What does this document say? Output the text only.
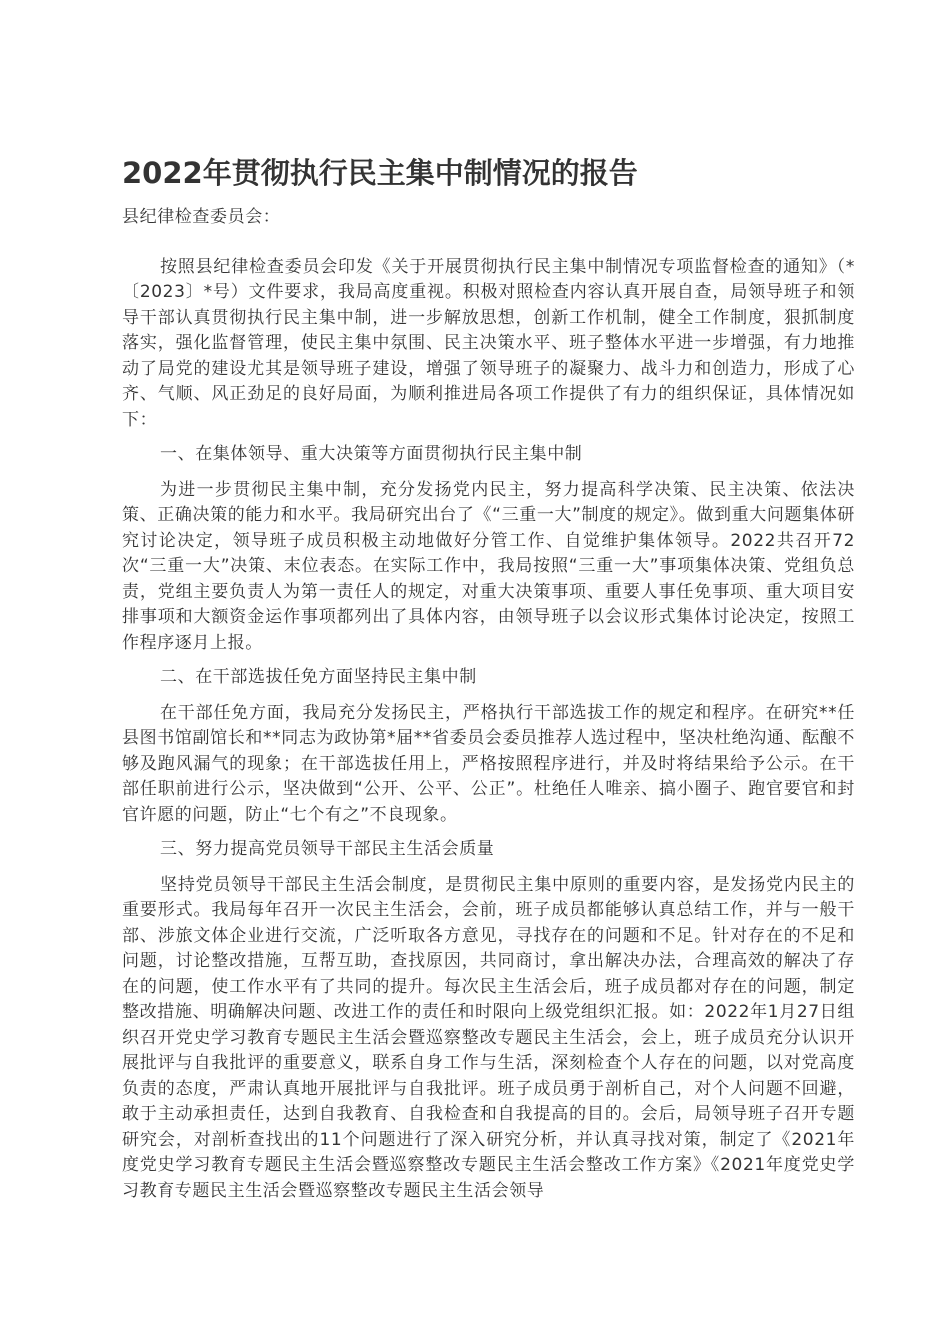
2022年贯彻执行民主集中制情况的报告

县纪律检查委员会：

按照县纪律检查委员会印发《关于开展贯彻执行民主集中制情况专项监督检查的通知》（*〔2023〕*号）文件要求，我局高度重视。积极对照检查内容认真开展自查，局领导班子和领导干部认真贯彻执行民主集中制，进一步解放思想，创新工作机制，健全工作制度，狠抓制度落实，强化监督管理，使民主集中氛围、民主决策水平、班子整体水平进一步增强，有力地推动了局党的建设尤其是领导班子建设，增强了领导班子的凝聚力、战斗力和创造力，形成了心齐、气顺、风正劲足的良好局面，为顺利推进局各项工作提供了有力的组织保证，具体情况如下：

一、在集体领导、重大决策等方面贯彻执行民主集中制

为进一步贯彻民主集中制，充分发扬党内民主，努力提高科学决策、民主决策、依法决策、正确决策的能力和水平。我局研究出台了《“三重一大”制度的规定》。做到重大问题集体研究讨论决定，领导班子成员积极主动地做好分管工作、自觉维护集体领导。2022共召开72次“三重一大”决策、末位表态。在实际工作中，我局按照“三重一大”事项集体决策、党组负总责，党组主要负责人为第一责任人的规定，对重大决策事项、重要人事任免事项、重大项目安排事项和大额资金运作事项都列出了具体内容，由领导班子以会议形式集体讨论决定，按照工作程序逐月上报。

二、在干部选拔任免方面坚持民主集中制

在干部任免方面，我局充分发扬民主，严格执行干部选拔工作的规定和程序。在研究**任县图书馆副馆长和**同志为政协第*届**省委员会委员推荐人选过程中，坚决杜绝沟通、酝酿不够及跑风漏气的现象；在干部选拔任用上，严格按照程序进行，并及时将结果给予公示。在干部任职前进行公示，坚决做到“公开、公平、公正”。杜绝任人唯亲、搞小圈子、跑官要官和封官许愿的问题，防止“七个有之”不良现象。

三、努力提高党员领导干部民主生活会质量

坚持党员领导干部民主生活会制度，是贯彻民主集中原则的重要内容，是发扬党内民主的重要形式。我局每年召开一次民主生活会，会前，班子成员都能够认真总结工作，并与一般干部、涉旅文体企业进行交流，广泛听取各方意见，寻找存在的问题和不足。针对存在的不足和问题，讨论整改措施，互帮互助，查找原因，共同商讨，拿出解决办法，合理高效的解决了存在的问题，使工作水平有了共同的提升。每次民主生活会后，班子成员都对存在的问题，制定整改措施、明确解决问题、改进工作的责任和时限向上级党组织汇报。如：2022年1月27日组织召开党史学习教育专题民主生活会暨巡察整改专题民主生活会，会上，班子成员充分认识开展批评与自我批评的重要意义，联系自身工作与生活，深刻检查个人存在的问题，以对党高度负责的态度，严肃认真地开展批评与自我批评。班子成员勇于剖析自己，对个人问题不回避，敢于主动承担责任，达到自我教育、自我检查和自我提高的目的。会后，局领导班子召开专题研究会，对剖析查找出的11个问题进行了深入研究分析，并认真寻找对策，制定了《2021年度党史学习教育专题民主生活会暨巡察整改专题民主生活会整改工作方案》《2021年度党史学习教育专题民主生活会暨巡察整改专题民主生活会领导
